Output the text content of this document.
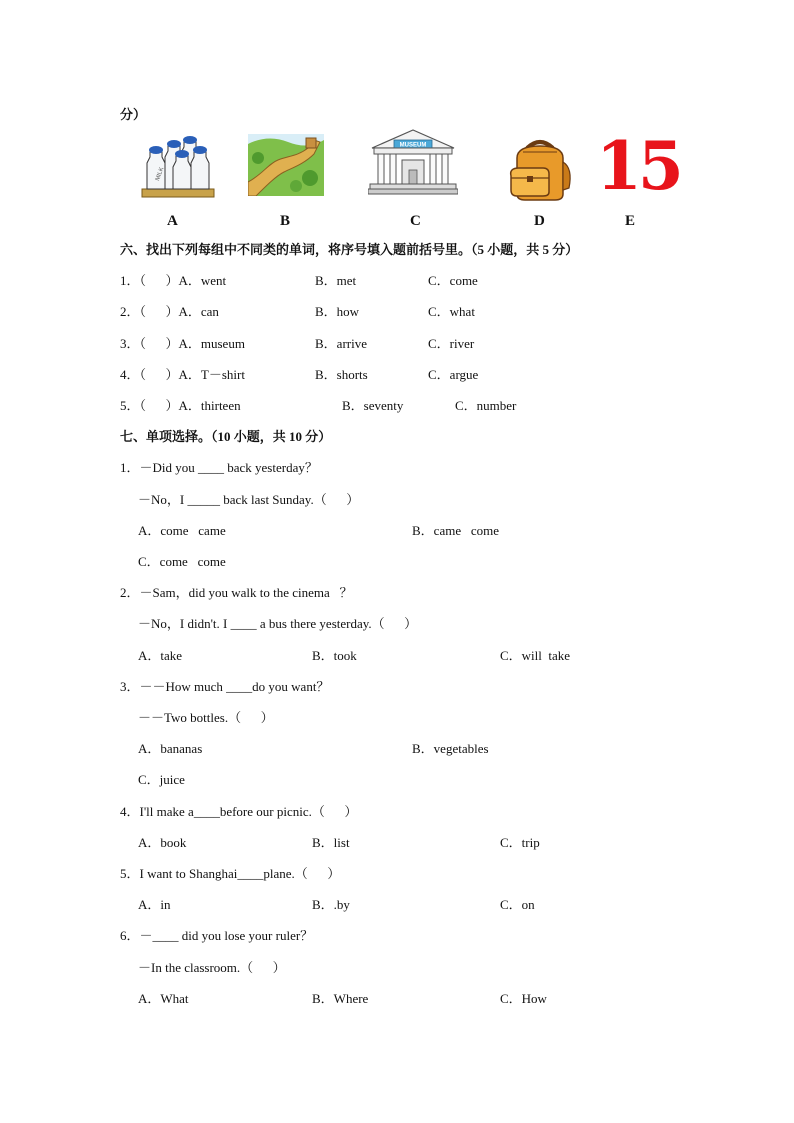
分）
MILK
MUSEUM	15
A	B	C	D	E
六、找出下列每组中不同类的单词，将序号填入题前括号里。（5 小题，共 5 分）
1．（      ）A．went	B．met	C．come
2．（      ）A．can	B．how	C．what
3．（      ）A．museum	B．arrive	C．river
4．（      ）A．T－shirt	B．shorts	C．argue
5．（      ）A．thirteen	B．seventy	C．number
七、单项选择。（10 小题，共 10 分）
1．－Did you ____ back yesterday？
－No，I _____ back last Sunday.（      ）
A．come   came	B．came   come
C．come   come
2．－Sam，did you walk to the cinema   ？
－No，I didn't. I ____ a bus there yesterday.（      ）
A．take	B．took	C．will  take
3．－－How much ____do you want？
－－Two bottles.（      ）
A．bananas	B．vegetables
C．juice
4．I'll make a____before our picnic.（      ）
A．book	B．list	C．trip
5．I want to Shanghai____plane.（      ）
A．in	B．.by	C．on
6．－____ did you lose your ruler？
－In the classroom.（      ）
A．What	B．Where	C．How
